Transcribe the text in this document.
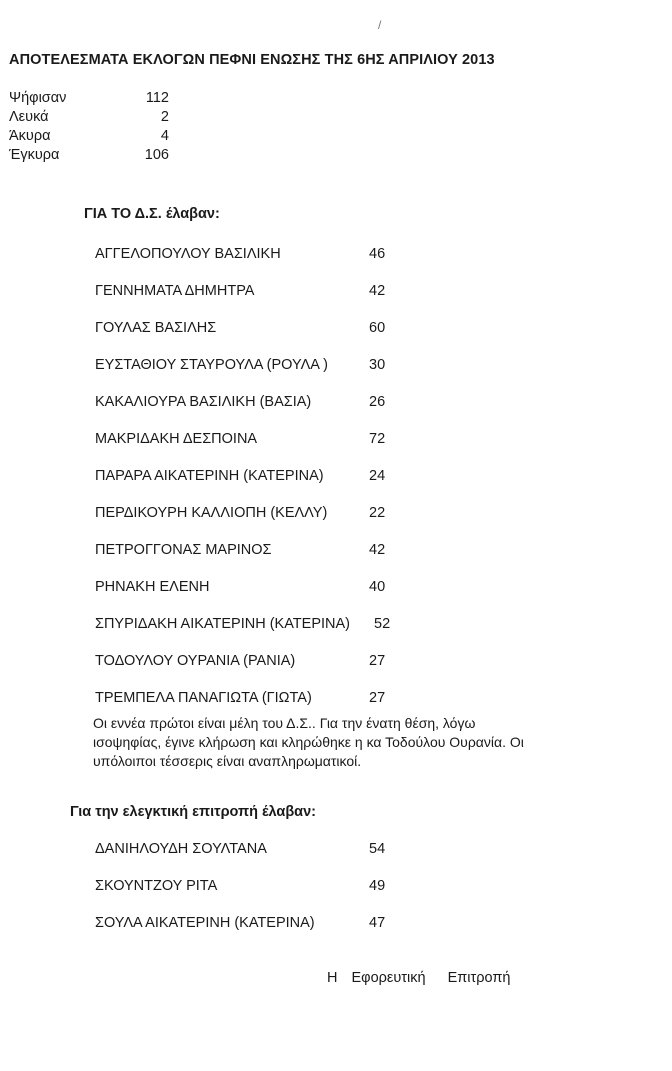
/
ΑΠΟΤΕΛΕΣΜΑΤΑ ΕΚΛΟΓΩΝ ΠΕΦΝΙ ΕΝΩΣΗΣ ΤΗΣ 6ΗΣ ΑΠΡΙΛΙΟΥ 2013
Ψήφισαν	112
Λευκά	2
Άκυρα	4
Έγκυρα	106
ΓΙΑ ΤΟ Δ.Σ. έλαβαν:
ΑΓΓΕΛΟΠΟΥΛΟΥ ΒΑΣΙΛΙΚΗ	46
ΓΕΝΝΗΜΑΤΑ ΔΗΜΗΤΡΑ	42
ΓΟΥΛΑΣ ΒΑΣΙΛΗΣ	60
ΕΥΣΤΑΘΙΟΥ ΣΤΑΥΡΟΥΛΑ (ΡΟΥΛΑ )	30
ΚΑΚΑΛΙΟΥΡΑ ΒΑΣΙΛΙΚΗ (ΒΑΣΙΑ)	26
ΜΑΚΡΙΔΑΚΗ ΔΕΣΠΟΙΝΑ	72
ΠΑΡΑΡΑ ΑΙΚΑΤΕΡΙΝΗ (ΚΑΤΕΡΙΝΑ)	24
ΠΕΡΔΙΚΟΥΡΗ ΚΑΛΛΙΟΠΗ (ΚΕΛΛΥ)	22
ΠΕΤΡΟΓΓΟΝΑΣ ΜΑΡΙΝΟΣ	42
ΡΗΝΑΚΗ ΕΛΕΝΗ	40
ΣΠΥΡΙΔΑΚΗ ΑΙΚΑΤΕΡΙΝΗ (ΚΑΤΕΡΙΝΑ) 52
ΤΟΔΟΥΛΟΥ ΟΥΡΑΝΙΑ (ΡΑΝΙΑ)	27
ΤΡΕΜΠΕΛΑ ΠΑΝΑΓΙΩΤΑ (ΓΙΩΤΑ)	27

Οι εννέα πρώτοι είναι μέλη του Δ.Σ.. Για την ένατη θέση, λόγω

ισοψηφίας, έγινε κλήρωση και κληρώθηκε η κα Τοδούλου Ουρανία. Οι

υπόλοιποι τέσσερις είναι αναπληρωματικοί.

Για την ελεγκτική επιτροπή έλαβαν:
ΔΑΝΙΗΛΟΥΔΗ ΣΟΥΛΤΑΝΑ	54
ΣΚΟΥΝΤΖΟΥ ΡΙΤΑ	49
ΣΟΥΛΑ ΑΙΚΑΤΕΡΙΝΗ (ΚΑΤΕΡΙΝΑ)	47
Η Εφορευτική Επιτροπή
